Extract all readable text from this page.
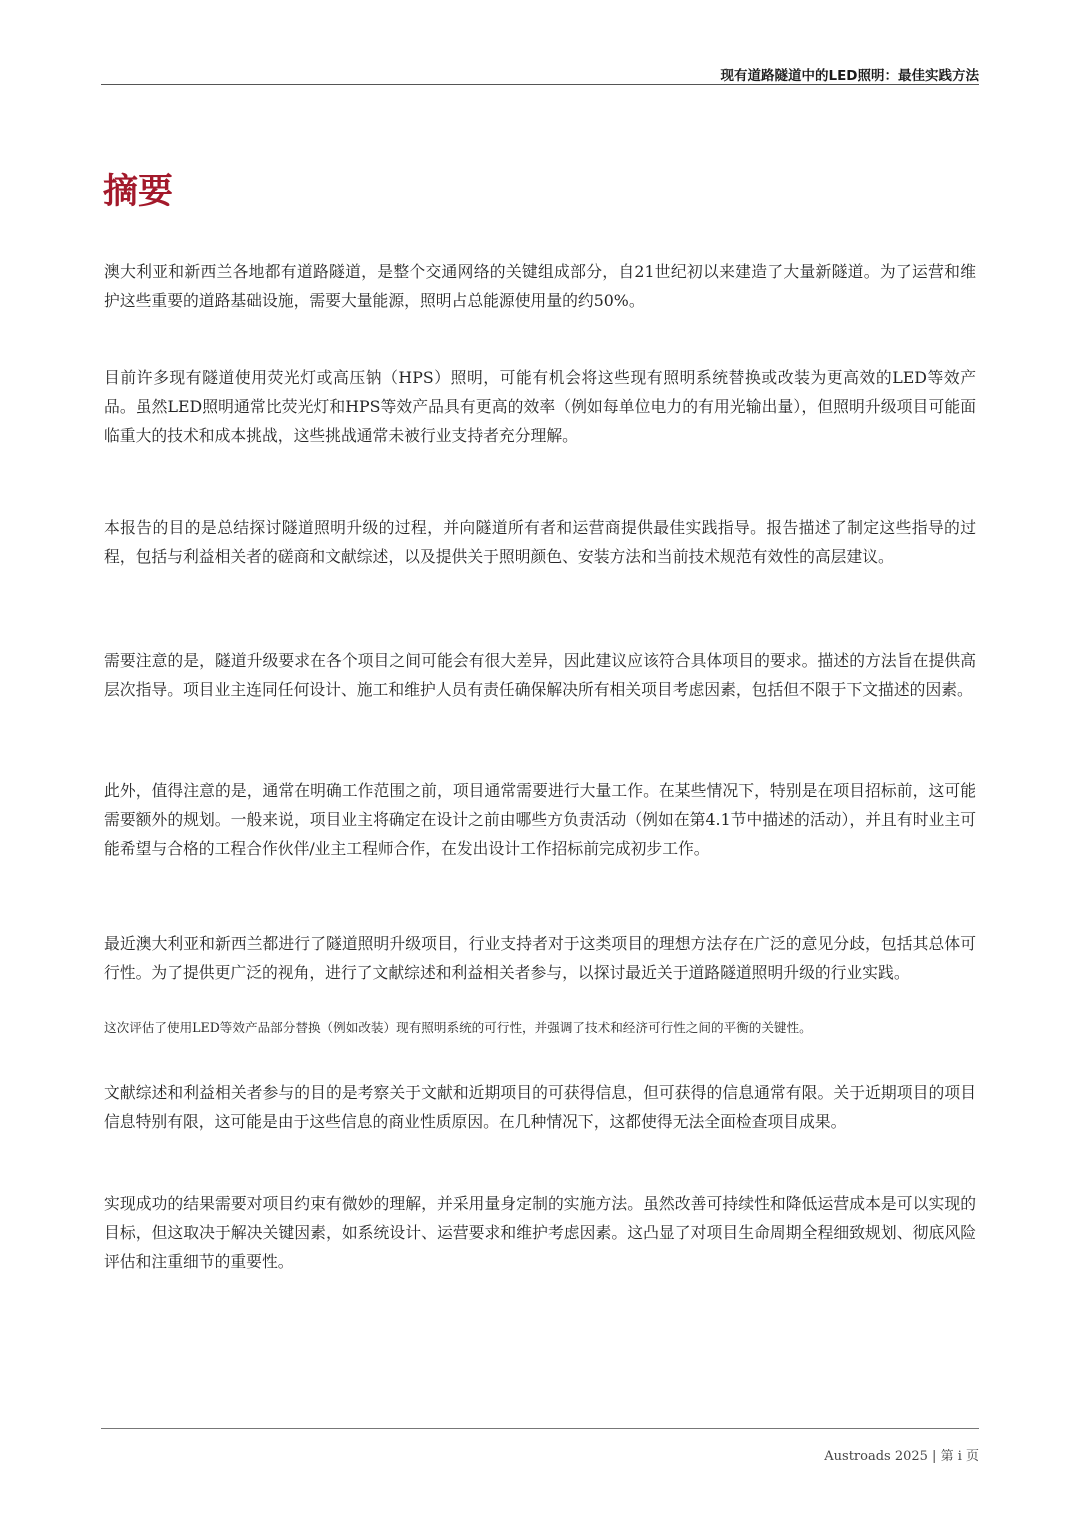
现有道路隧道中的LED照明：最佳实践方法
摘要

澳大利亚和新西兰各地都有道路隧道，是整个交通网络的关键组成部分，自21世纪初以来建造了大量新隧道。为了运营和维护这些重要的道路基础设施，需要大量能源，照明占总能源使用量的约50%。

目前许多现有隧道使用荧光灯或高压钠（HPS）照明，可能有机会将这些现有照明系统替换或改装为更高效的LED等效产品。虽然LED照明通常比荧光灯和HPS等效产品具有更高的效率（例如每单位电力的有用光输出量），但照明升级项目可能面临重大的技术和成本挑战，这些挑战通常未被行业支持者充分理解。

本报告的目的是总结探讨隧道照明升级的过程，并向隧道所有者和运营商提供最佳实践指导。报告描述了制定这些指导的过程，包括与利益相关者的磋商和文献综述，以及提供关于照明颜色、安装方法和当前技术规范有效性的高层建议。

需要注意的是，隧道升级要求在各个项目之间可能会有很大差异，因此建议应该符合具体项目的要求。描述的方法旨在提供高层次指导。项目业主连同任何设计、施工和维护人员有责任确保解决所有相关项目考虑因素，包括但不限于下文描述的因素。

此外，值得注意的是，通常在明确工作范围之前，项目通常需要进行大量工作。在某些情况下，特别是在项目招标前，这可能需要额外的规划。一般来说，项目业主将确定在设计之前由哪些方负责活动（例如在第4.1节中描述的活动），并且有时业主可能希望与合格的工程合作伙伴/业主工程师合作，在发出设计工作招标前完成初步工作。

最近澳大利亚和新西兰都进行了隧道照明升级项目，行业支持者对于这类项目的理想方法存在广泛的意见分歧，包括其总体可行性。为了提供更广泛的视角，进行了文献综述和利益相关者参与，以探讨最近关于道路隧道照明升级的行业实践。

这次评估了使用LED等效产品部分替换（例如改装）现有照明系统的可行性，并强调了技术和经济可行性之间的平衡的关键性。

文献综述和利益相关者参与的目的是考察关于文献和近期项目的可获得信息，但可获得的信息通常有限。关于近期项目的项目信息特别有限，这可能是由于这些信息的商业性质原因。在几种情况下，这都使得无法全面检查项目成果。

实现成功的结果需要对项目约束有微妙的理解，并采用量身定制的实施方法。虽然改善可持续性和降低运营成本是可以实现的目标，但这取决于解决关键因素，如系统设计、运营要求和维护考虑因素。这凸显了对项目生命周期全程细致规划、彻底风险评估和注重细节的重要性。

Austroads 2025 | 第 i 页
